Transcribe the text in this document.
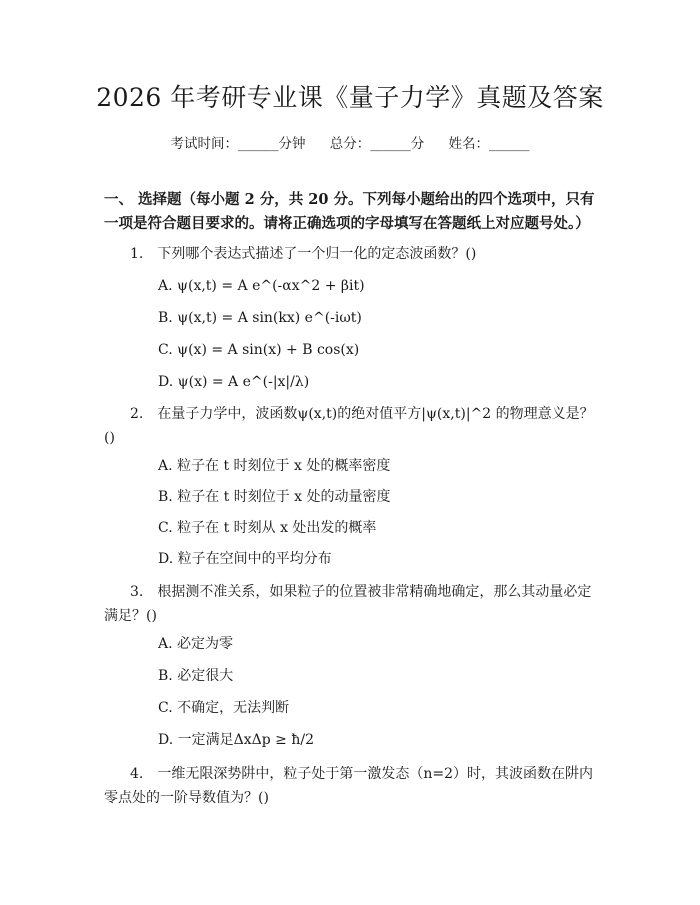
2026 年考研专业课《量子力学》真题及答案
考试时间：______分钟 总分：______分 姓名：______
一、 选择题（每小题 2 分，共 20 分。下列每小题给出的四个选项中，只有一项是符合题目要求的。请将正确选项的字母填写在答题纸上对应题号处。）
1. 下列哪个表达式描述了一个归一化的定态波函数？()
A. ψ(x,t) = A e^(-αx^2 + βit)
B. ψ(x,t) = A sin(kx) e^(-iωt)
C. ψ(x) = A sin(x) + B cos(x)
D. ψ(x) = A e^(-|x|/λ)
2. 在量子力学中，波函数ψ(x,t)的绝对值平方|ψ(x,t)|^2 的物理意义是？()
A. 粒子在 t 时刻位于 x 处的概率密度
B. 粒子在 t 时刻位于 x 处的动量密度
C. 粒子在 t 时刻从 x 处出发的概率
D. 粒子在空间中的平均分布
3. 根据测不准关系，如果粒子的位置被非常精确地确定，那么其动量必定满足？()
A. 必定为零
B. 必定很大
C. 不确定，无法判断
D. 一定满足ΔxΔp ≥ ħ/2
4. 一维无限深势阱中，粒子处于第一激发态（n=2）时，其波函数在阱内零点处的一阶导数值为？()
